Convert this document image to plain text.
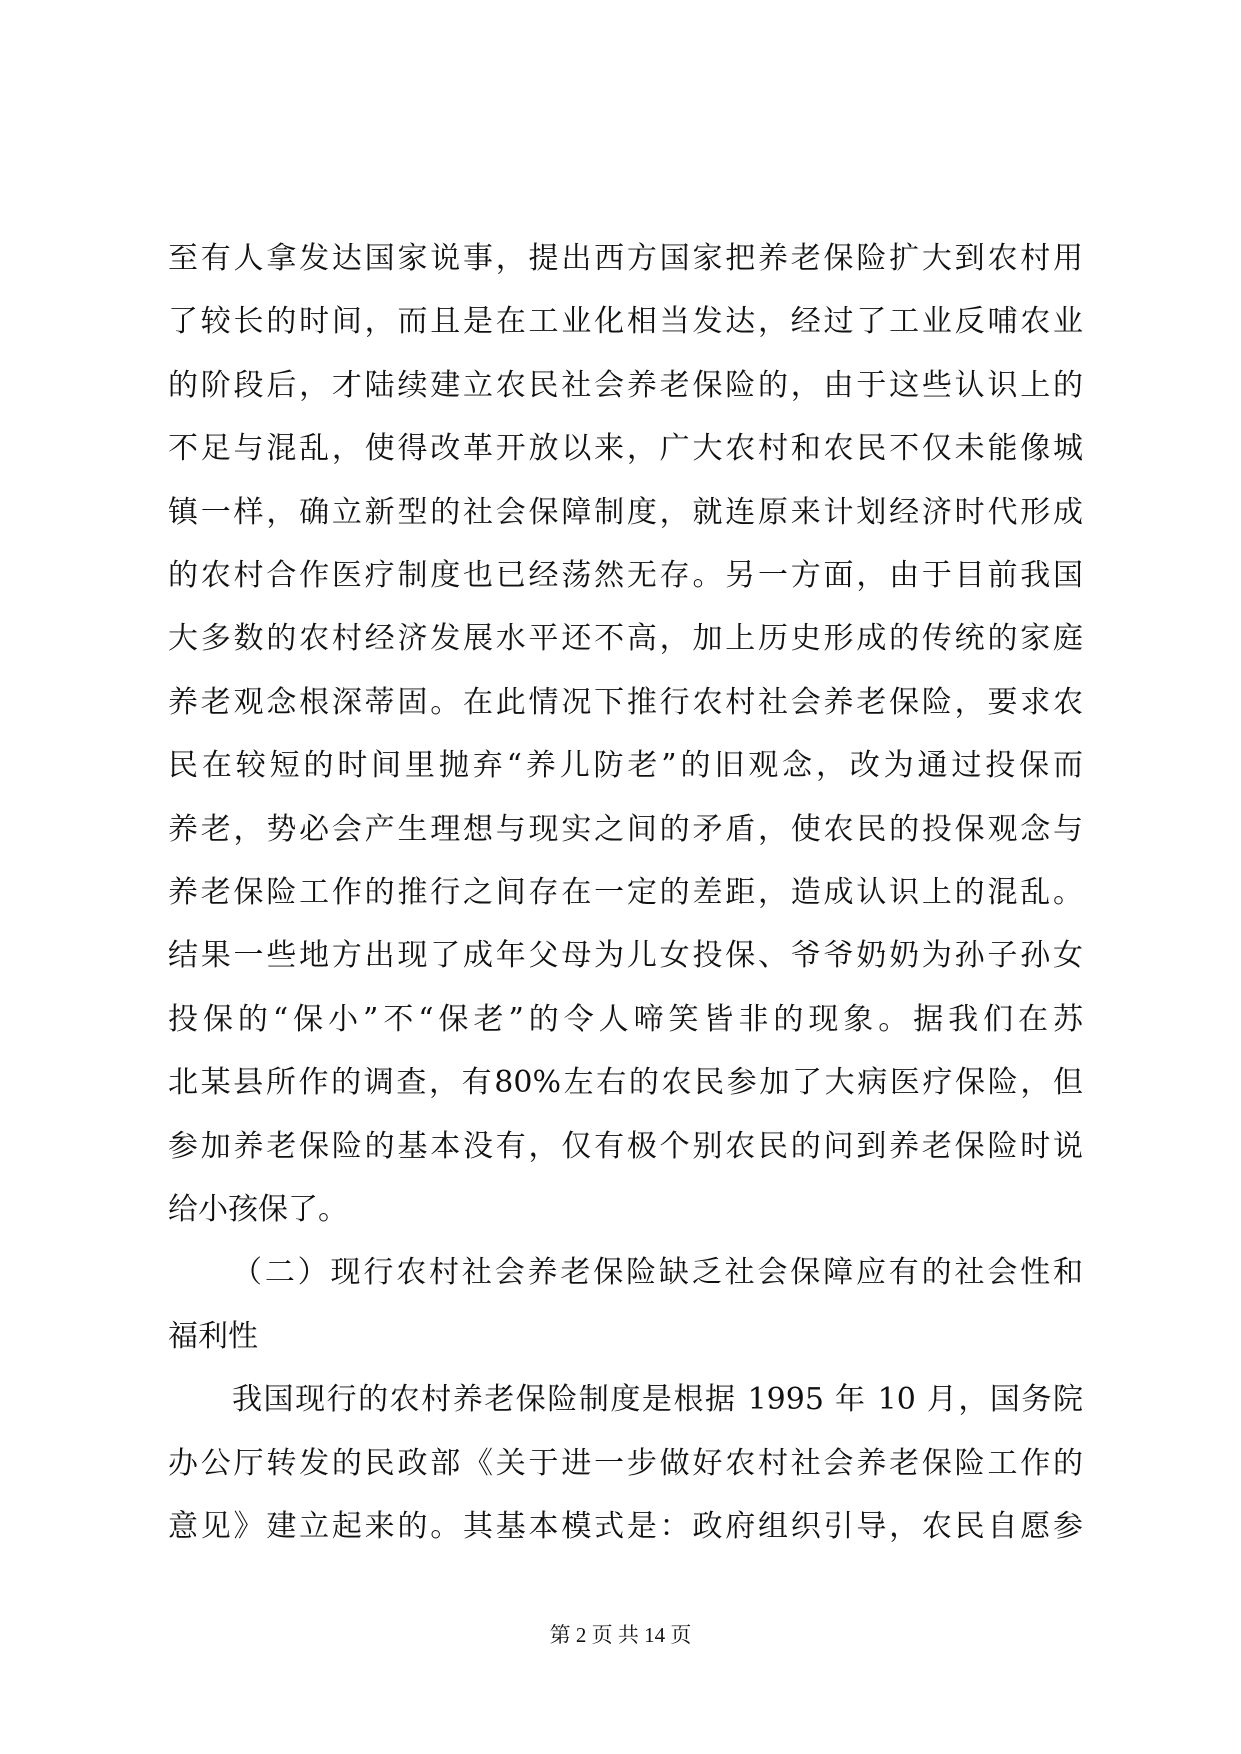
至有人拿发达国家说事，提出西方国家把养老保险扩大到农村用
了较长的时间，而且是在工业化相当发达，经过了工业反哺农业
的阶段后，才陆续建立农民社会养老保险的，由于这些认识上的
不足与混乱，使得改革开放以来，广大农村和农民不仅未能像城
镇一样，确立新型的社会保障制度，就连原来计划经济时代形成
的农村合作医疗制度也已经荡然无存。另一方面，由于目前我国
大多数的农村经济发展水平还不高，加上历史形成的传统的家庭
养老观念根深蒂固。在此情况下推行农村社会养老保险，要求农
民在较短的时间里抛弃“养儿防老”的旧观念，改为通过投保而
养老，势必会产生理想与现实之间的矛盾，使农民的投保观念与
养老保险工作的推行之间存在一定的差距，造成认识上的混乱。
结果一些地方出现了成年父母为儿女投保、爷爷奶奶为孙子孙女
投保的“保小”不“保老”的令人啼笑皆非的现象。据我们在苏
北某县所作的调查，有80%左右的农民参加了大病医疗保险，但
参加养老保险的基本没有，仅有极个别农民的问到养老保险时说
给小孩保了。
（二）现行农村社会养老保险缺乏社会保障应有的社会性和
福利性
我国现行的农村养老保险制度是根据 1995 年 10 月，国务院
办公厅转发的民政部《关于进一步做好农村社会养老保险工作的
意见》建立起来的。其基本模式是：政府组织引导，农民自愿参
第 2 页 共 14 页
